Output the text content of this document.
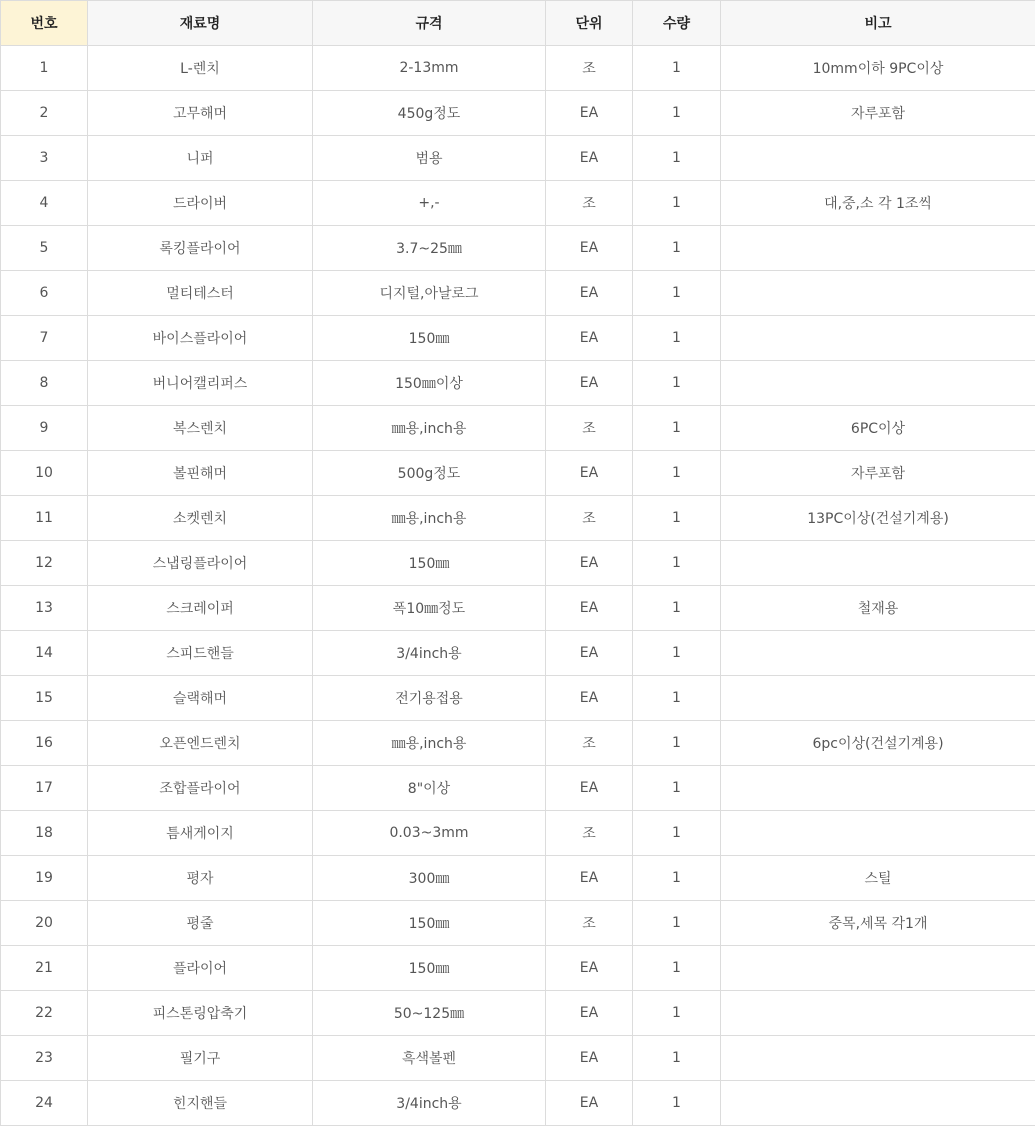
번호	재료명	규격	단위	수량	비고
1	L-렌치	2-13mm	조	1	10mm이하 9PC이상
2	고무해머	450g정도	EA	1	자루포함
3	니퍼	범용	EA	1	
4	드라이버	+,-	조	1	대,중,소 각 1조씩
5	록킹플라이어	3.7~25㎜	EA	1	
6	멀티테스터	디지털,아날로그	EA	1	
7	바이스플라이어	150㎜	EA	1	
8	버니어캘리퍼스	150㎜이상	EA	1	
9	복스렌치	㎜용,inch용	조	1	6PC이상
10	볼핀해머	500g정도	EA	1	자루포함
11	소켓렌치	㎜용,inch용	조	1	13PC이상(건설기계용)
12	스냅링플라이어	150㎜	EA	1	
13	스크레이퍼	폭10㎜정도	EA	1	철재용
14	스피드핸들	3/4inch용	EA	1	
15	슬랙해머	전기용접용	EA	1	
16	오픈엔드렌치	㎜용,inch용	조	1	6pc이상(건설기계용)
17	조합플라이어	8"이상	EA	1	
18	틈새게이지	0.03~3mm	조	1	
19	평자	300㎜	EA	1	스틸
20	평줄	150㎜	조	1	중목,세목 각1개
21	플라이어	150㎜	EA	1	
22	피스톤링압축기	50~125㎜	EA	1	
23	필기구	흑색볼펜	EA	1	
24	힌지핸들	3/4inch용	EA	1	
